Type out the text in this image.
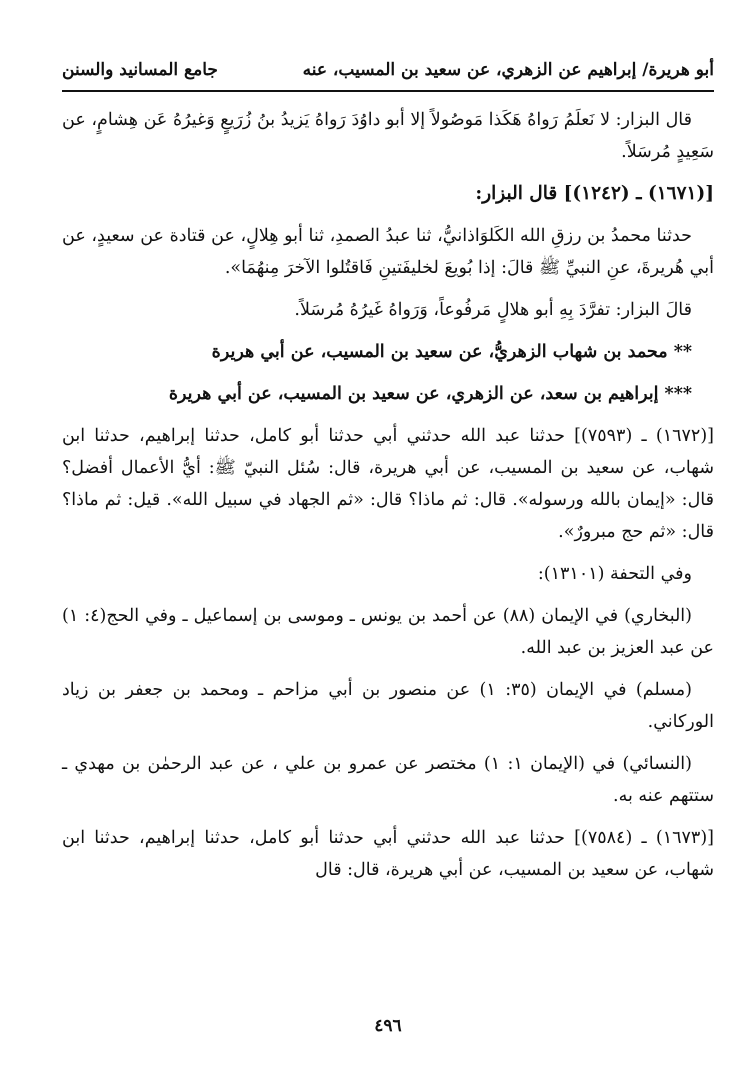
أبو هريرة/ إبراهيم عن الزهري، عن سعيد بن المسيب، عنه
جامع المسانيد والسنن

قال البزار: لا نَعلَمُ رَواهُ هَكَذا مَوصُولاً إلا أبو داوُدَ رَواهُ يَزيدُ بنُ زُرَيعٍ وَغيرُهُ عَن هِشامٍ، عن سَعِيدٍ مُرسَلاً.

[(١٦٧١) ـ (١٢٤٢)] قال البزار:

حدثنا محمدُ بن رزقِ الله الكَلوَاذانيُّ، ثنا عبدُ الصمدِ، ثنا أبو هِلالٍ، عن قتادة عن سعيدٍ، عن أبي هُريرةَ، عنِ النبيِّ ﷺ قالَ: إذا بُويعَ لخليفَتينِ فَاقتُلوا الآخرَ مِنهُمَا».

قالَ البزار: تفرَّدَ بِهِ أبو هلالٍ مَرفُوعاً، وَرَواهُ غَيرُهُ مُرسَلاً.

** محمد بن شهاب الزهريُّ، عن سعيد بن المسيب، عن أبي هريرة

*** إبراهيم بن سعد، عن الزهري، عن سعيد بن المسيب، عن أبي هريرة

[(١٦٧٢) ـ (٧٥٩٣)] حدثنا عبد الله حدثني أبي حدثنا أبو كامل، حدثنا إبراهيم، حدثنا ابن شهاب، عن سعيد بن المسيب، عن أبي هريرة، قال: سُئل النبيّ ﷺ: أيُّ الأعمال أفضل؟ قال: «إيمان بالله ورسوله». قال: ثم ماذا؟ قال: «ثم الجهاد في سبيل الله». قيل: ثم ماذا؟ قال: «ثم حج مبرورٌ».

وفي التحفة (١٣١٠١):

(البخاري) في الإيمان (٨٨) عن أحمد بن يونس ـ وموسى بن إسماعيل ـ وفي الحج(٤: ١) عن عبد العزيز بن عبد الله.

(مسلم) في الإيمان (٣٥: ١) عن منصور بن أبي مزاحم ـ ومحمد بن جعفر بن زياد الوركاني.

(النسائي) في (الإيمان ١: ١) مختصر عن عمرو بن علي ، عن عبد الرحمٰن بن مهدي ـ ستتهم عنه به.

[(١٦٧٣) ـ (٧٥٨٤)] حدثنا عبد الله حدثني أبي حدثنا أبو كامل، حدثنا إبراهيم، حدثنا ابن شهاب، عن سعيد بن المسيب، عن أبي هريرة، قال: قال

٤٩٦
